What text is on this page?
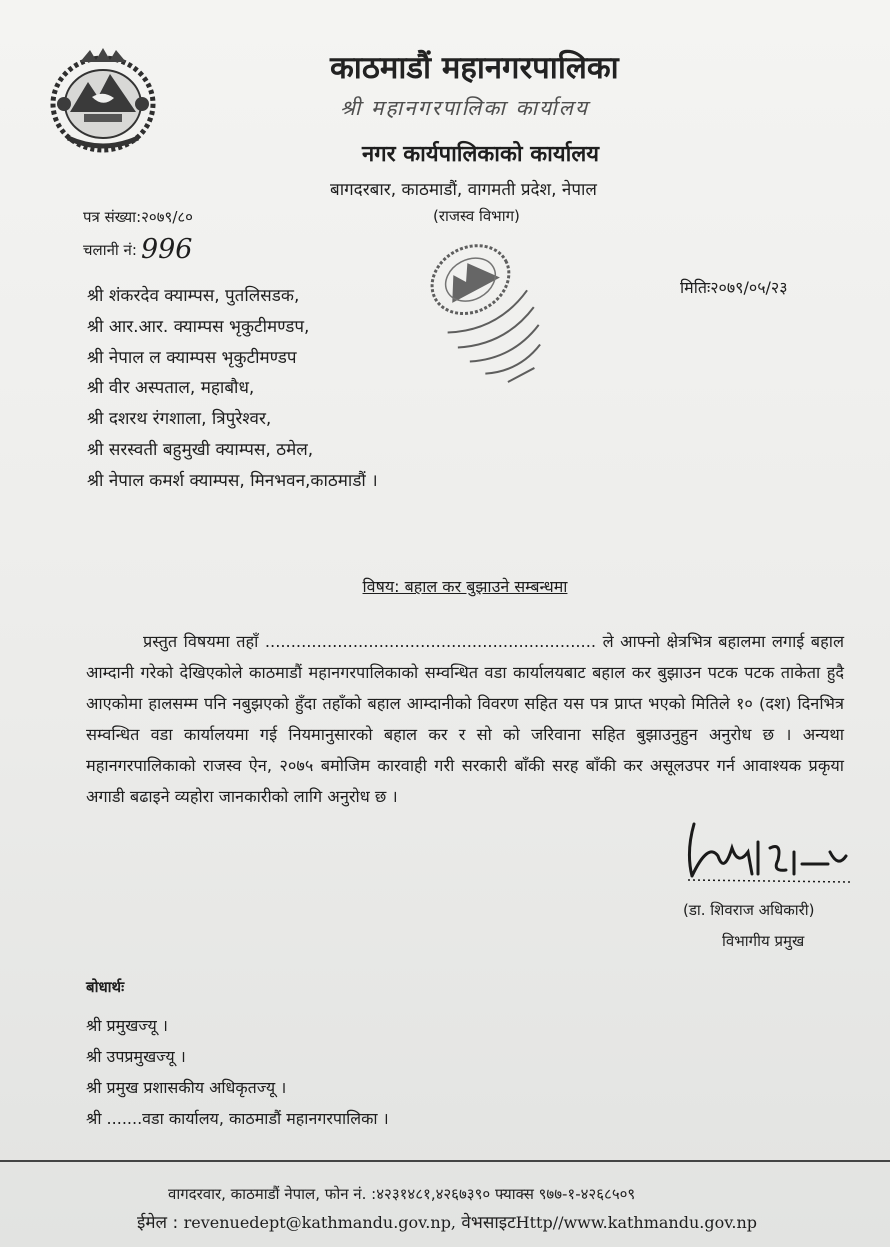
काठमाडौं महानगरपालिका
श्री महानगरपालिका कार्यालय
नगर कार्यपालिकाको कार्यालय
बागदरबार, काठमाडौं, वागमती प्रदेश, नेपाल
(राजस्व विभाग)
पत्र संख्या:२०७९/८०
चलानी नं: 996
मितिः२०७९/०५/२३
श्री शंकरदेव क्याम्पस, पुतलिसडक,
श्री आर.आर. क्याम्पस भृकुटीमण्डप,
श्री नेपाल ल क्याम्पस भृकुटीमण्डप
श्री वीर अस्पताल, महाबौध,
श्री दशरथ रंगशाला, त्रिपुरेश्वर,
श्री सरस्वती बहुमुखी क्याम्पस, ठमेल,
श्री नेपाल कमर्श क्याम्पस, मिनभवन,काठमाडौं ।
विषय: बहाल कर बुझाउने सम्बन्धमा

प्रस्तुत विषयमा तहाँ ................................................................ ले आफ्नो क्षेत्रभित्र बहालमा लगाई बहाल आम्दानी गरेको देखिएकोले काठमाडौं महानगरपालिकाको सम्वन्धित वडा कार्यालयबाट बहाल कर बुझाउन पटक पटक ताकेता हुदै आएकोमा हालसम्म पनि नबुझएको हुँदा तहाँको बहाल आम्दानीको विवरण सहित यस पत्र प्राप्त भएको मितिले १० (दश) दिनभित्र सम्वन्धित वडा कार्यालयमा गई नियमानुसारको बहाल कर र सो को जरिवाना सहित बुझाउनुहुन अनुरोध छ । अन्यथा महानगरपालिकाको राजस्व ऐन, २०७५ बमोजिम कारवाही गरी सरकारी बाँकी सरह बाँकी कर असूलउपर गर्न आवाश्यक प्रकृया अगाडी बढाइने व्यहोरा जानकारीको लागि अनुरोध छ ।

(डा. शिवराज अधिकारी)
विभागीय प्रमुख
बोधार्थः
श्री प्रमुखज्यू ।
श्री उपप्रमुखज्यू ।
श्री प्रमुख प्रशासकीय अधिकृतज्यू ।
श्री .......वडा कार्यालय, काठमाडौं महानगरपालिका ।
वागदरवार, काठमाडौं नेपाल, फोन नं. :४२३१४८१,४२६७३९० फ्याक्स ९७७-१-४२६८५०९
ईमेल : revenuedept@kathmandu.gov.np, वेभसाइटHttp//www.kathmandu.gov.np
